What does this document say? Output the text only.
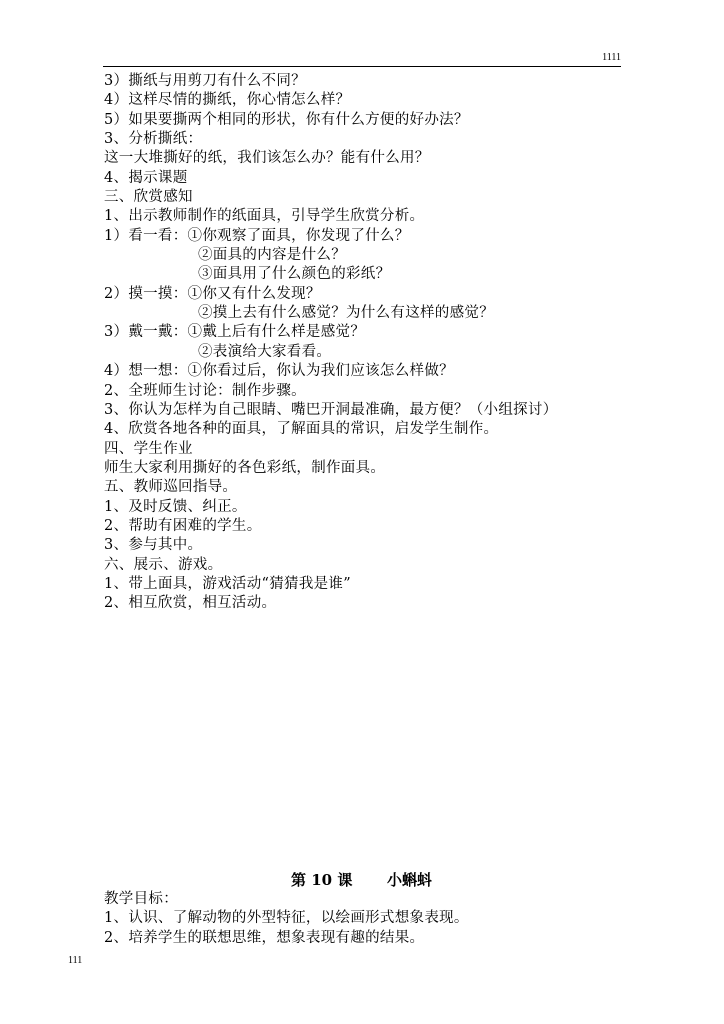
1111
3）撕纸与用剪刀有什么不同？
4）这样尽情的撕纸，你心情怎么样？
5）如果要撕两个相同的形状，你有什么方便的好办法？
3、分析撕纸：
这一大堆撕好的纸，我们该怎么办？能有什么用？
4、揭示课题
三、欣赏感知
1、出示教师制作的纸面具，引导学生欣赏分析。
1）看一看：①你观察了面具，你发现了什么？
②面具的内容是什么？
③面具用了什么颜色的彩纸？
2）摸一摸：①你又有什么发现？
②摸上去有什么感觉？为什么有这样的感觉？
3）戴一戴：①戴上后有什么样是感觉？
②表演给大家看看。
4）想一想：①你看过后，你认为我们应该怎么样做？
2、全班师生讨论：制作步骤。
3、你认为怎样为自己眼睛、嘴巴开洞最准确，最方便？（小组探讨）
4、欣赏各地各种的面具，了解面具的常识，启发学生制作。
四、学生作业
师生大家利用撕好的各色彩纸，制作面具。
五、教师巡回指导。
1、及时反馈、纠正。
2、帮助有困难的学生。
3、参与其中。
六、展示、游戏。
1、带上面具，游戏活动“猜猜我是谁”
2、相互欣赏，相互活动。
第 10 课 小蝌蚪
教学目标：
1、认识、了解动物的外型特征，以绘画形式想象表现。
2、培养学生的联想思维，想象表现有趣的结果。
111
